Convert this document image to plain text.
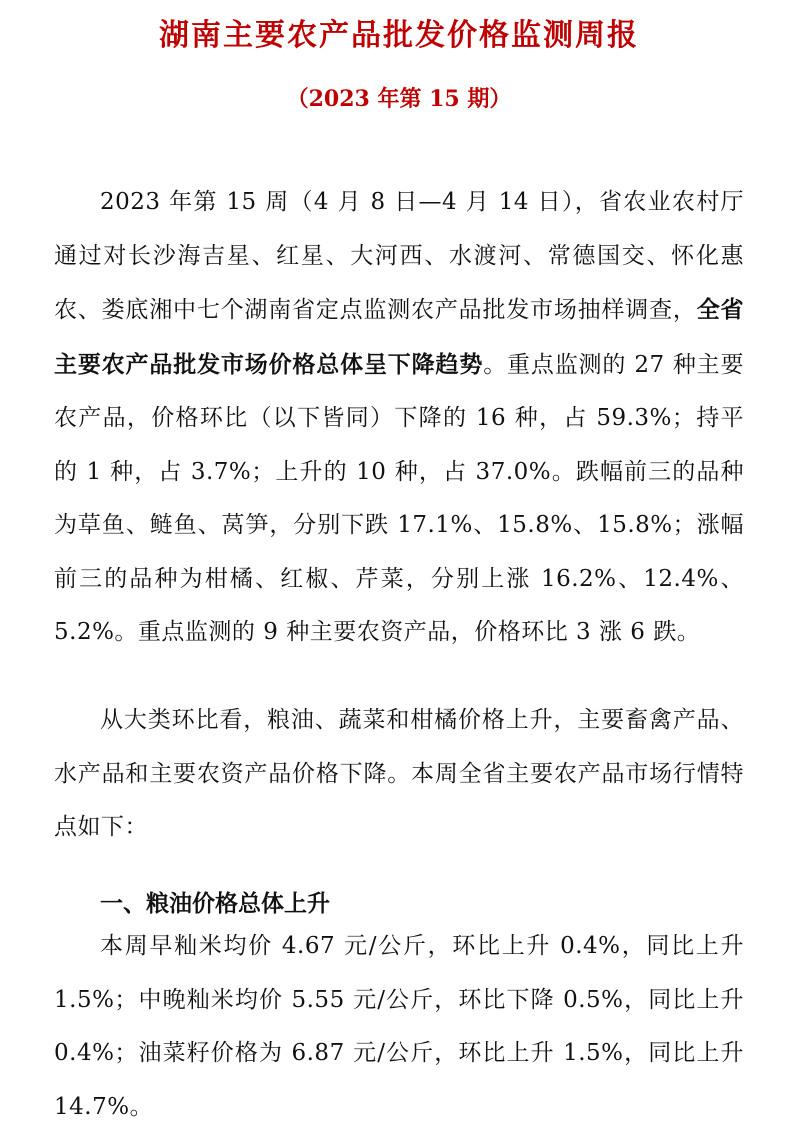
湖南主要农产品批发价格监测周报
（2023 年第 15 期）

2023 年第 15 周（4 月 8 日—4 月 14 日），省农业农村厅通过对长沙海吉星、红星、大河西、水渡河、常德国交、怀化惠农、娄底湘中七个湖南省定点监测农产品批发市场抽样调查，全省主要农产品批发市场价格总体呈下降趋势。重点监测的 27 种主要农产品，价格环比（以下皆同）下降的 16 种，占 59.3%；持平的 1 种，占 3.7%；上升的 10 种，占 37.0%。跌幅前三的品种为草鱼、鲢鱼、莴笋，分别下跌 17.1%、15.8%、15.8%；涨幅前三的品种为柑橘、红椒、芹菜，分别上涨 16.2%、12.4%、5.2%。重点监测的 9 种主要农资产品，价格环比 3 涨 6 跌。

从大类环比看，粮油、蔬菜和柑橘价格上升，主要畜禽产品、水产品和主要农资产品价格下降。本周全省主要农产品市场行情特点如下：

一、粮油价格总体上升

本周早籼米均价 4.67 元/公斤，环比上升 0.4%，同比上升 1.5%；中晚籼米均价 5.55 元/公斤，环比下降 0.5%，同比上升 0.4%；油菜籽价格为 6.87 元/公斤，环比上升 1.5%，同比上升 14.7%。
